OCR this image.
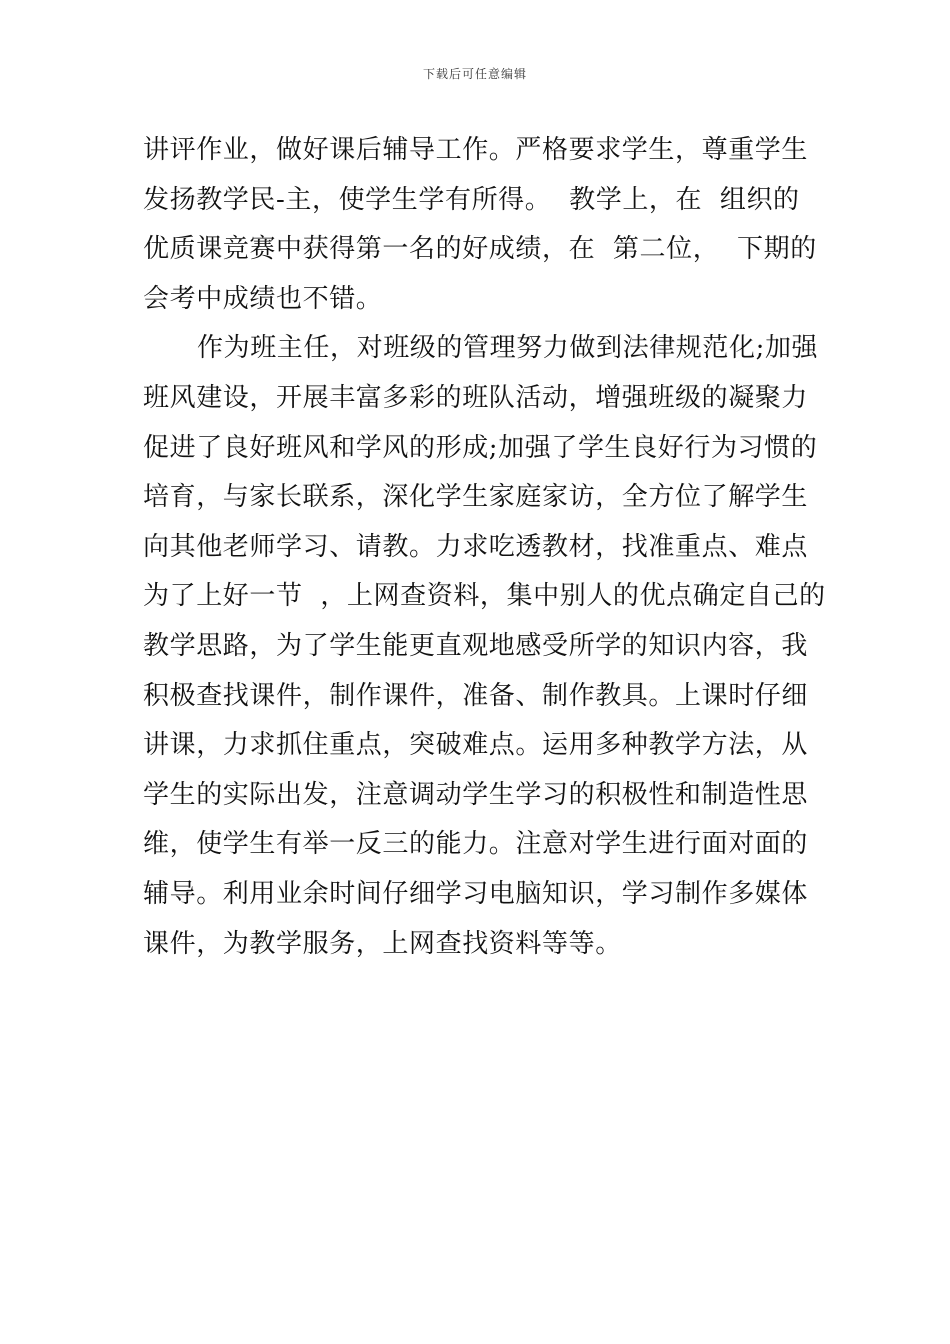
下载后可任意编辑
讲评作业，做好课后辅导工作。严格要求学生，尊重学生
发扬教学民-主，使学生学有所得。  教学上，在  组织的
优质课竞赛中获得第一名的好成绩，在  第二位，  下期的
会考中成绩也不错。
作为班主任，对班级的管理努力做到法律规范化;加强
班风建设，开展丰富多彩的班队活动，增强班级的凝聚力
促进了良好班风和学风的形成;加强了学生良好行为习惯的
培育，与家长联系，深化学生家庭家访，全方位了解学生
向其他老师学习、请教。力求吃透教材，找准重点、难点
为了上好一节  ，上网查资料，集中别人的优点确定自己的
教学思路，为了学生能更直观地感受所学的知识内容，我
积极查找课件，制作课件，准备、制作教具。上课时仔细
讲课，力求抓住重点，突破难点。运用多种教学方法，从
学生的实际出发，注意调动学生学习的积极性和制造性思
维，使学生有举一反三的能力。注意对学生进行面对面的
辅导。利用业余时间仔细学习电脑知识，学习制作多媒体
课件，为教学服务，上网查找资料等等。
